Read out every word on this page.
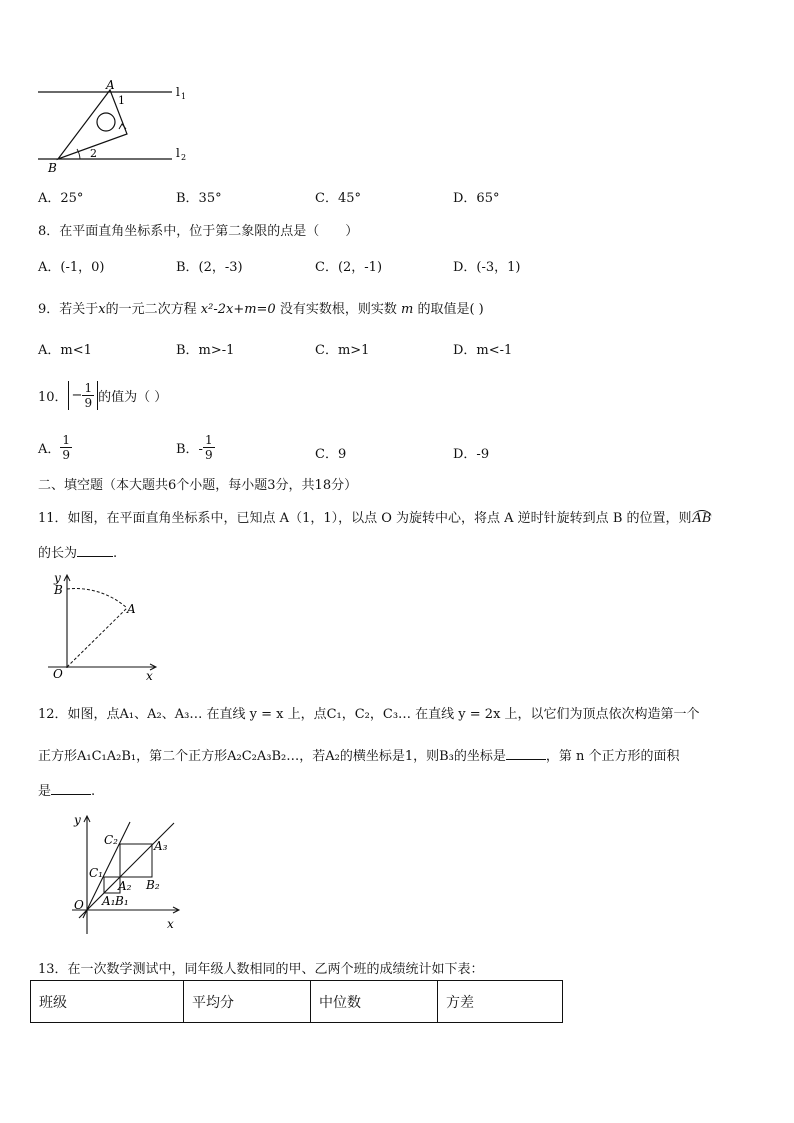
A
1
2
B
l 1
l 2
A．25°	B．35°	C．45°	D．65°
8．在平面直角坐标系中，位于第二象限的点是（　　）
A．(-1，0)	B．(2，-3)	C．(2，-1)	D．(-3，1)
9．若关于x的一元二次方程 x²-2x+m=0 没有实数根，则实数 m 的取值是( )
A．m<1	B．m>-1	C．m>1	D．m<-1
10． − $\frac{1}{9}$ 的值为（ ）
A． $\frac{1}{9}$	B．- $\frac{1}{9}$	C．9	D．-9
二、填空题（本大题共6个小题，每小题3分，共18分）
11．如图，在平面直角坐标系中，已知点 A（1，1），以点 O 为旋转中心，将点 A 逆时针旋转到点 B 的位置，则AB
的长为	.
y
B
A
O	x
12．如图，点A₁、A₂、A₃… 在直线 y = x 上，点C₁，C₂，C₃… 在直线 y = 2x 上，以它们为顶点依次构造第一个
正方形A₁C₁A₂B₁，第二个正方形A₂C₂A₃B₂…，若A₂的横坐标是1，则B₃的坐标是	，第 n 个正方形的面积
是	.
y
C₂	A₃
C₁
A₂ B₂
O A₁ B₁
x
13．在一次数学测试中，同年级人数相同的甲、乙两个班的成绩统计如下表：
班级	平均分	中位数	方差
